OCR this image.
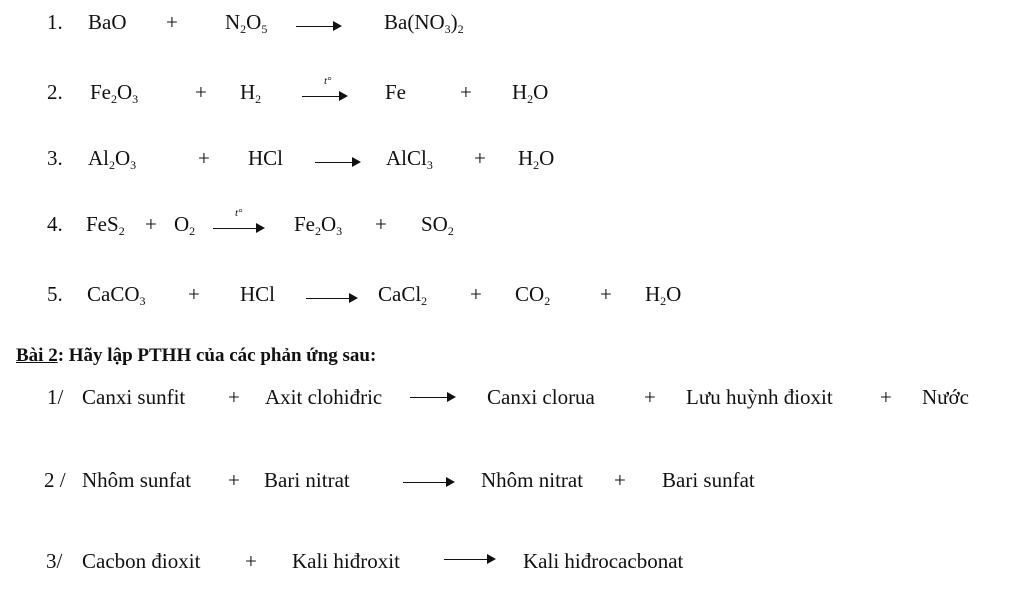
1. BaO + $N_2O_5$	$Ba(NO_3)_2$
2. $Fe_2O_3$	+ $H_2$
t°	Fe	+ $H_2O$
3. $Al_2O_3$	+ HCl	AlCl$_3$ + $H_2O$
4. $FeS_2 + O_2$
t° $Fe_2O_3 + SO_2$
5. CaCO$_3$ + HCl	CaCl$_2$ + $CO_2 + H_2O$
Bài 2: Hãy lập PTHH của các phản ứng sau:
1/ Canxi sunfit + Axit clohiđric	Canxi clorua + Lưu huỳnh đioxit + Nước
2 / Nhôm sunfat + Bari nitrat	Nhôm nitrat + Bari sunfat
3/ Cacbon đioxit + Kali hiđroxit	Kali hiđrocacbonat
